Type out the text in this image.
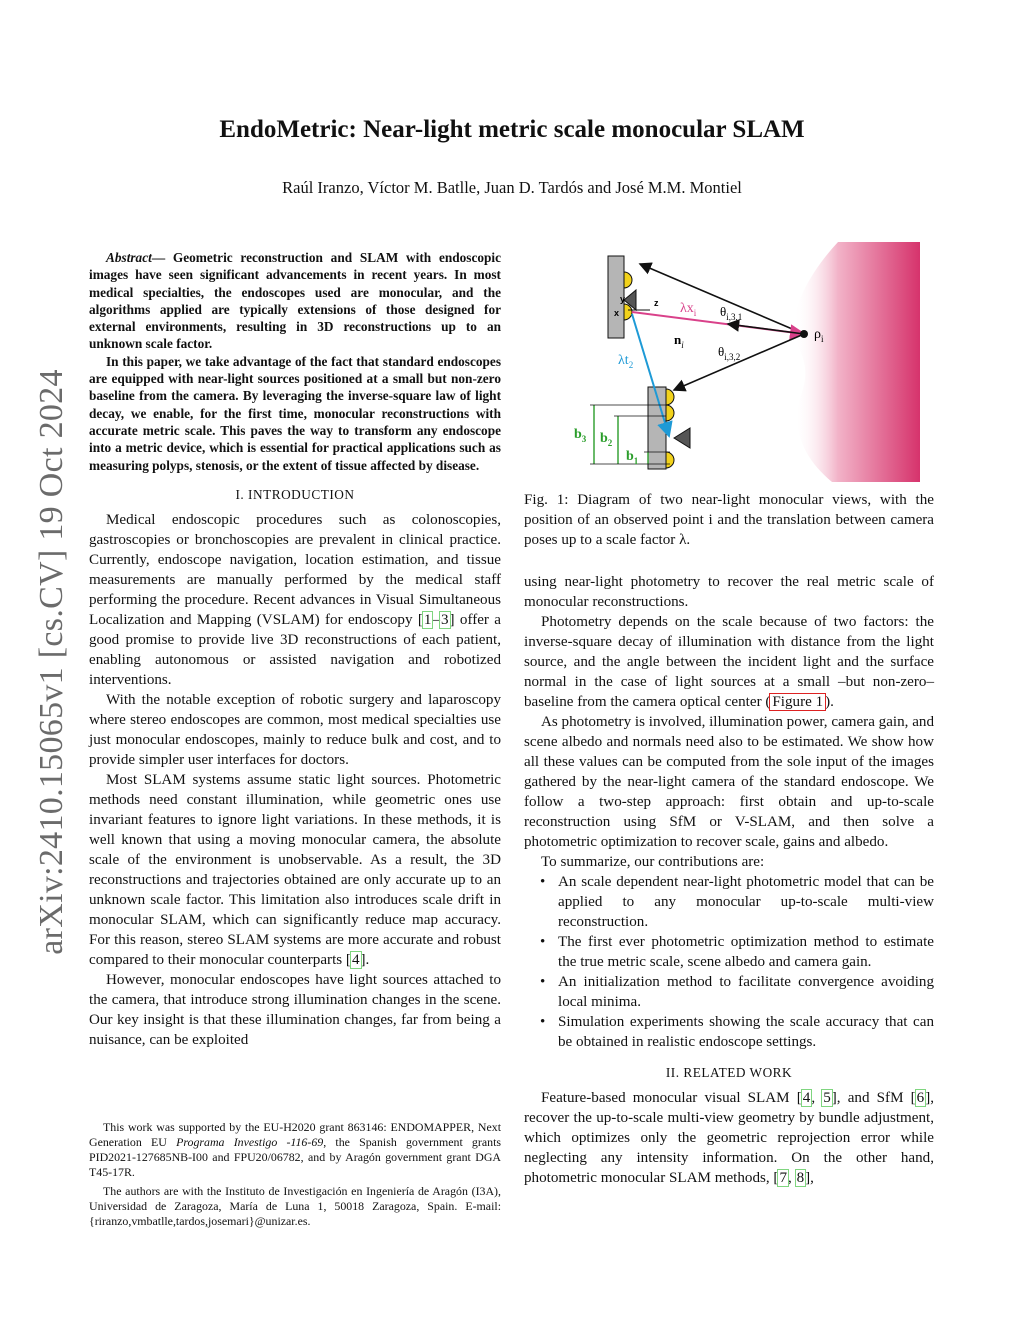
arXiv:2410.15065v1 [cs.CV] 19 Oct 2024
EndoMetric: Near-light metric scale monocular SLAM
Raúl Iranzo, Víctor M. Batlle, Juan D. Tardós and José M.M. Montiel

Abstract— Geometric reconstruction and SLAM with endoscopic images have seen significant advancements in recent years. In most medical specialties, the endoscopes used are monocular, and the algorithms applied are typically extensions of those designed for external environments, resulting in 3D reconstructions up to an unknown scale factor.

In this paper, we take advantage of the fact that standard endoscopes are equipped with near-light sources positioned at a small but non-zero baseline from the camera. By leveraging the inverse-square law of light decay, we enable, for the first time, monocular reconstructions with accurate metric scale. This paves the way to transform any endoscope into a metric device, which is essential for practical applications such as measuring polyps, stenosis, or the extent of tissue affected by disease.

I. INTRODUCTION

Medical endoscopic procedures such as colonoscopies, gastroscopies or bronchoscopies are prevalent in clinical practice. Currently, endoscope navigation, location estimation, and tissue measurements are manually performed by the medical staff performing the procedure. Recent advances in Visual Simultaneous Localization and Mapping (VSLAM) for endoscopy [1–3] offer a good promise to provide live 3D reconstructions of each patient, enabling autonomous or assisted navigation and robotized interventions.

With the notable exception of robotic surgery and laparoscopy where stereo endoscopes are common, most medical specialties use just monocular endoscopes, mainly to reduce bulk and cost, and to provide simpler user interfaces for doctors.

Most SLAM systems assume static light sources. Photometric methods need constant illumination, while geometric ones use invariant features to ignore light variations. In these methods, it is well known that using a moving monocular camera, the absolute scale of the environment is unobservable. As a result, the 3D reconstructions and trajectories obtained are only accurate up to an unknown scale factor. This limitation also introduces scale drift in monocular SLAM, which can significantly reduce map accuracy. For this reason, stereo SLAM systems are more accurate and robust compared to their monocular counterparts [4].

However, monocular endoscopes have light sources attached to the camera, that introduce strong illumination changes in the scene. Our key insight is that these illumination changes, far from being a nuisance, can be exploited

This work was supported by the EU-H2020 grant 863146: ENDOMAPPER, Next Generation EU Programa Investigo -116-69, the Spanish government grants PID2021-127685NB-I00 and FPU20/06782, and by Aragón government grant DGA T45-17R.

The authors are with the Instituto de Investigación en Ingeniería de Aragón (I3A), Universidad de Zaragoza, María de Luna 1, 50018 Zaragoza, Spain. E-mail: {riranzo,vmbatlle,tardos,josemari}@unizar.es.

y
x
z $\lambda x_i$ $\theta_{i,3,1}$
$\rho_i$
$n_i$	$\theta_{i,3,2}$
$\lambda t_2$
$b_3$ $b_2$
$b_1$
Fig. 1: Diagram of two near-light monocular views, with the position of an observed point i and the translation between camera poses up to a scale factor λ.

using near-light photometry to recover the real metric scale of monocular reconstructions.

Photometry depends on the scale because of two factors: the inverse-square decay of illumination with distance from the light source, and the angle between the incident light and the surface normal in the case of light sources at a small –but non-zero– baseline from the camera optical center ( Figure 1 ).

As photometry is involved, illumination power, camera gain, and scene albedo and normals need also to be estimated. We show how all these values can be computed from the sole input of the images gathered by the near-light camera of the standard endoscope. We follow a two-step approach: first obtain and up-to-scale reconstruction using SfM or V-SLAM, and then solve a photometric optimization to recover scale, gains and albedo.

To summarize, our contributions are:

• An scale dependent near-light photometric model that can be applied to any monocular up-to-scale multi-view reconstruction.
• The first ever photometric optimization method to estimate the true metric scale, scene albedo and camera gain.
• An initialization method to facilitate convergence avoiding local minima.
• Simulation experiments showing the scale accuracy that can be obtained in realistic endoscope settings.
II. RELATED WORK

Feature-based monocular visual SLAM [4, 5], and SfM [6], recover the up-to-scale multi-view geometry by bundle adjustment, which optimizes only the geometric reprojection error while neglecting any intensity information. On the other hand, photometric monocular SLAM methods, [7, 8],
